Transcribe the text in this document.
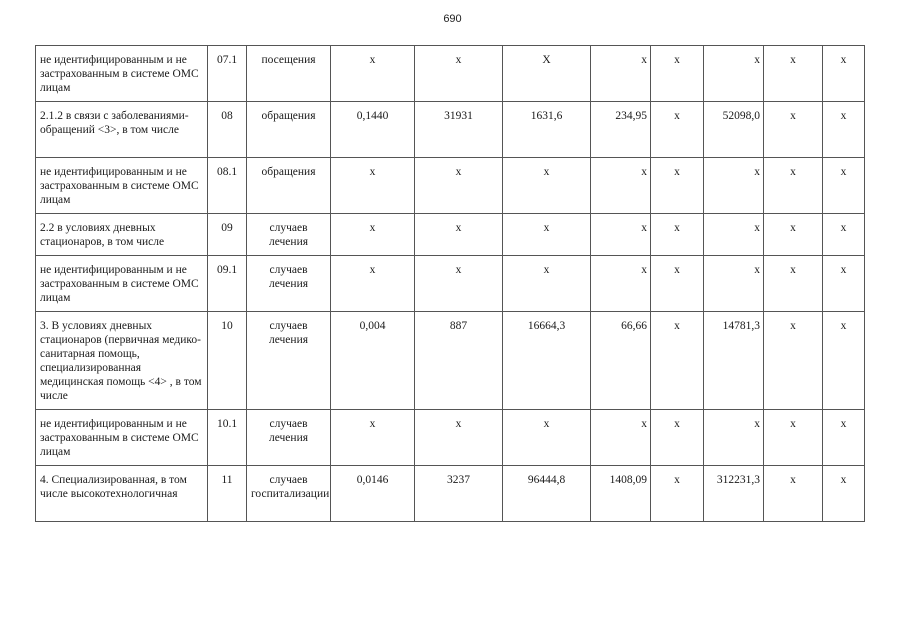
690
не идентифицированным и не застрахованным в системе ОМС лицам	07.1	посещения	х	х	Х	х	х	х	х	х
2.1.2 в связи с заболеваниями-обращений <3>, в том числе	08	обращения	0,1440	31931	1631,6	234,95	х	52098,0	х	х
не идентифицированным и не застрахованным в системе ОМС лицам	08.1	обращения	х	х	х	х	х	х	х	х
2.2 в условиях дневных стационаров, в том числе	09	случаев лечения	х	х	х	х	х	х	х	х
не идентифицированным и не застрахованным в системе ОМС лицам	09.1	случаев лечения	х	х	х	х	х	х	х	х
3. В условиях дневных стационаров (первичная медико-санитарная помощь, специализированная медицинская помощь <4> , в том числе	10	случаев лечения	0,004	887	16664,3	66,66	х	14781,3	х	х
не идентифицированным и не застрахованным в системе ОМС лицам	10.1	случаев лечения	х	х	х	х	х	х	х	х
4. Специализированная, в том числе высокотехнологичная	11	случаев госпитализации	0,0146	3237	96444,8	1408,09	х	312231,3	х	х
